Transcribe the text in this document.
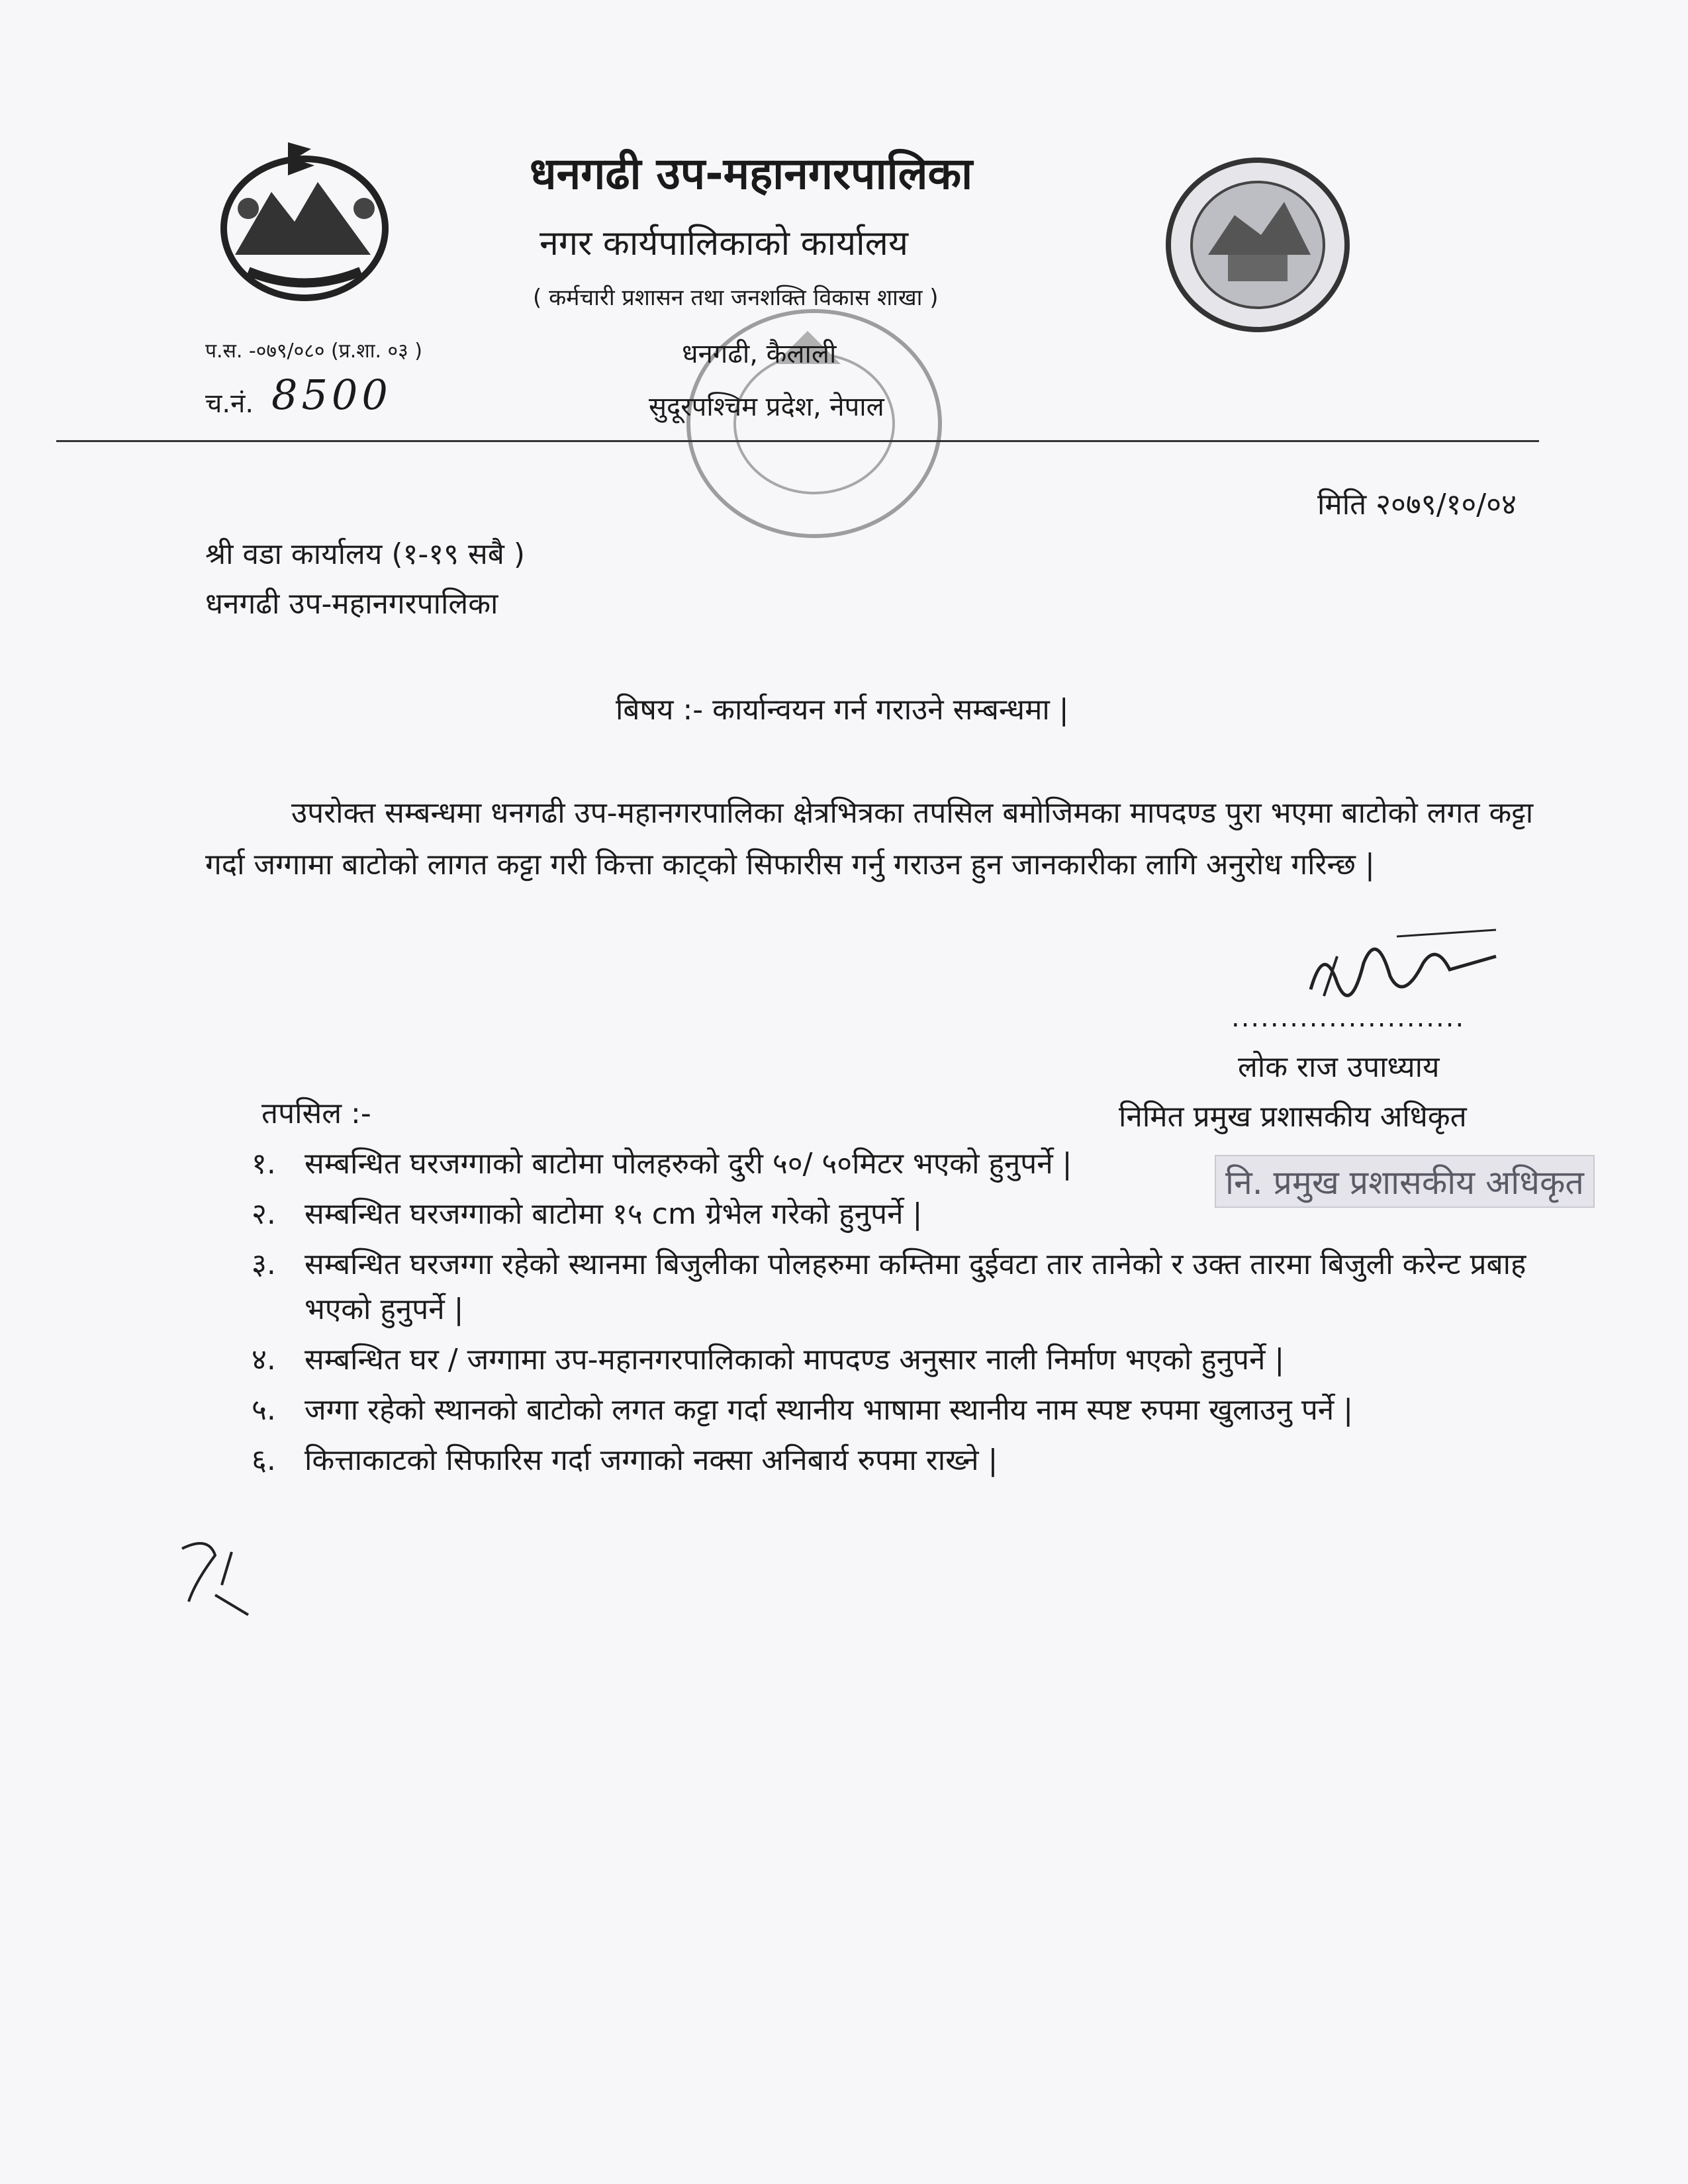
धनगढी उप-महानगरपालिका
नगर कार्यपालिकाको कार्यालय
( कर्मचारी प्रशासन तथा जनशक्ति विकास शाखा )
धनगढी, कैलाली
सुदूरपश्चिम प्रदेश, नेपाल
प.स. -०७९/०८० (प्र.शा. ०३ )
च.नं. 8500
मिति २०७९/१०/०४
श्री वडा कार्यालय (१-१९ सबै )
धनगढी उप-महानगरपालिका
बिषय :- कार्यान्वयन गर्न गराउने सम्बन्धमा |
उपरोक्त सम्बन्धमा धनगढी उप-महानगरपालिका क्षेत्रभित्रका तपसिल बमोजिमका मापदण्ड पुरा भएमा बाटोको लगत कट्टा गर्दा जग्गामा बाटोको लागत कट्टा गरी कित्ता काट्को सिफारीस गर्नु गराउन हुन जानकारीका लागि अनुरोध गरिन्छ |
........................
लोक राज उपाध्याय
निमित प्रमुख प्रशासकीय अधिकृत
नि. प्रमुख प्रशासकीय अधिकृत
तपसिल :-
१. सम्बन्धित घरजग्गाको बाटोमा पोलहरुको दुरी ५०/ ५०मिटर भएको हुनुपर्ने |
२. सम्बन्धित घरजग्गाको बाटोमा १५ cm ग्रेभेल गरेको हुनुपर्ने |
३. सम्बन्धित घरजग्गा रहेको स्थानमा बिजुलीका पोलहरुमा कम्तिमा दुईवटा तार तानेको र उक्त तारमा बिजुली करेन्ट प्रबाह भएको हुनुपर्ने |
४. सम्बन्धित घर / जग्गामा उप-महानगरपालिकाको मापदण्ड अनुसार नाली निर्माण भएको हुनुपर्ने |
५. जग्गा रहेको स्थानको बाटोको लगत कट्टा गर्दा स्थानीय भाषामा स्थानीय नाम स्पष्ट रुपमा खुलाउनु पर्ने |
६. कित्ताकाटको सिफारिस गर्दा जग्गाको नक्सा अनिबार्य रुपमा राख्ने |
